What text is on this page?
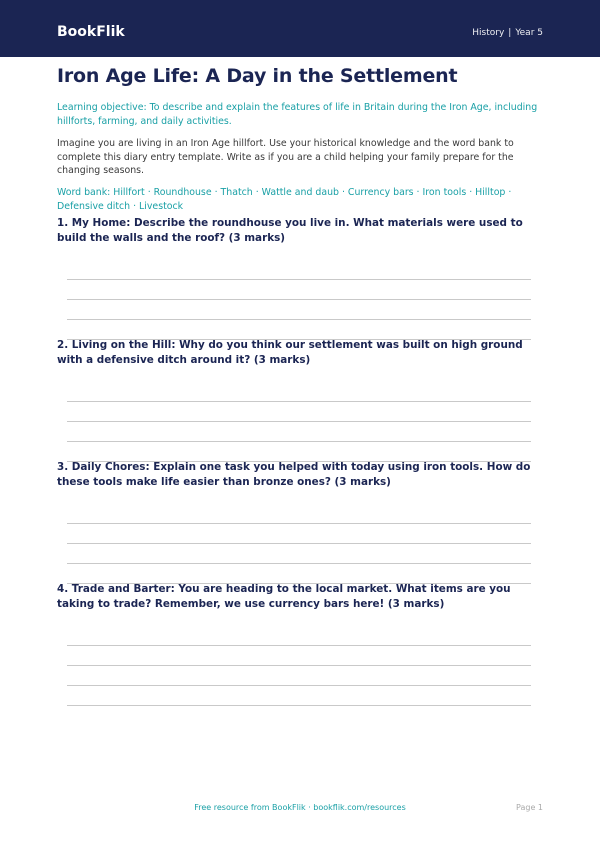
BookFlik	History | Year 5
Iron Age Life: A Day in the Settlement

Learning objective: To describe and explain the features of life in Britain during the Iron Age, including hillforts, farming, and daily activities.

Imagine you are living in an Iron Age hillfort. Use your historical knowledge and the word bank to complete this diary entry template. Write as if you are a child helping your family prepare for the changing seasons.

Word bank: Hillfort · Roundhouse · Thatch · Wattle and daub · Currency bars · Iron tools · Hilltop · Defensive ditch · Livestock

1. My Home: Describe the roundhouse you live in. What materials were used to build the walls and the roof? (3 marks)
2. Living on the Hill: Why do you think our settlement was built on high ground with a defensive ditch around it? (3 marks)
3. Daily Chores: Explain one task you helped with today using iron tools. How do these tools make life easier than bronze ones? (3 marks)
4. Trade and Barter: You are heading to the local market. What items are you taking to trade? Remember, we use currency bars here! (3 marks)
Free resource from BookFlik · bookflik.com/resources	Page 1
